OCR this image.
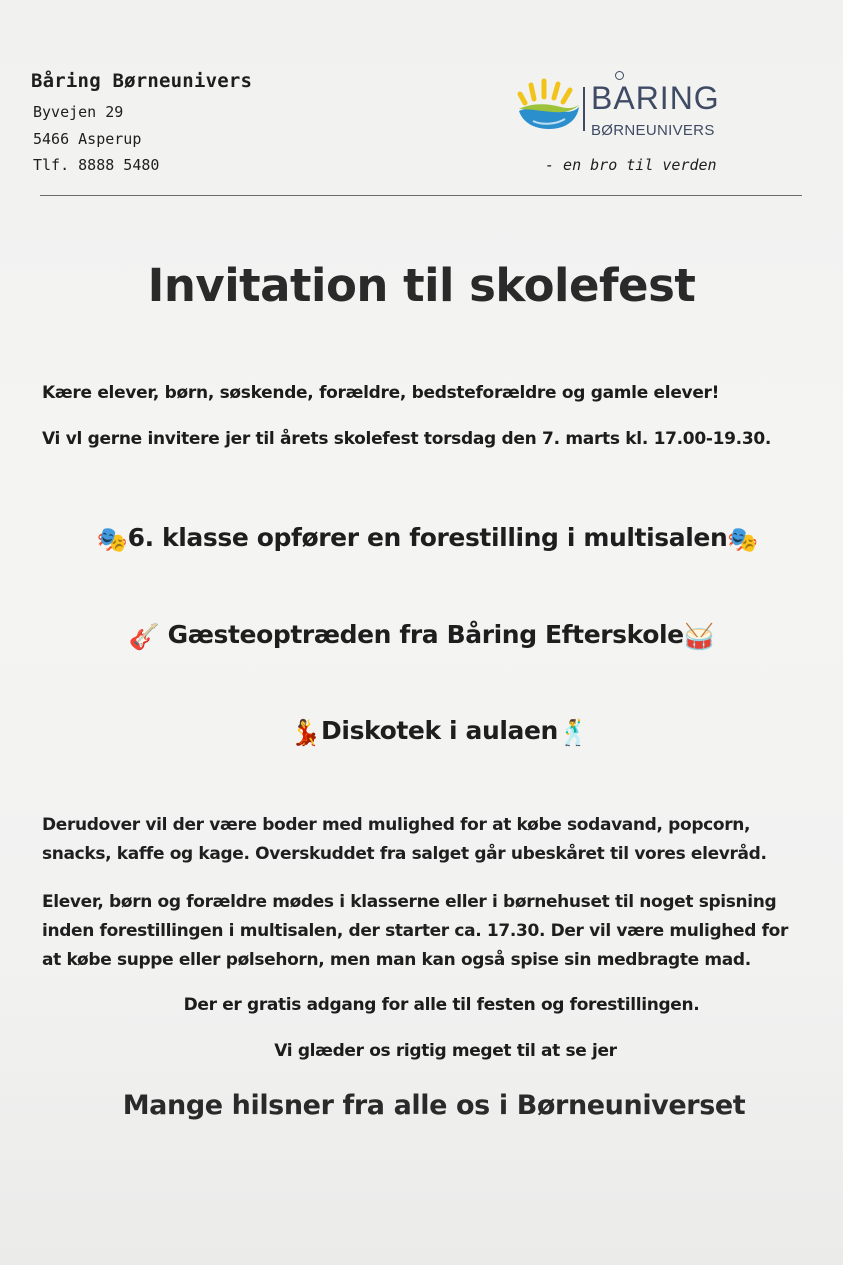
Båring Børneunivers
Byvejen 29
5466 Asperup
Tlf. 8888 5480
BARING
BØRNEUNIVERS
- en bro til verden
Invitation til skolefest
Kære elever, børn, søskende, forældre, bedsteforældre og gamle elever!
Vi vl gerne invitere jer til årets skolefest torsdag den 7. marts kl. 17.00-19.30.
🎭6. klasse opfører en forestilling i multisalen🎭
🎸 Gæsteoptræden fra Båring Efterskole🥁
💃Diskotek i aulaen🕺
Derudover vil der være boder med mulighed for at købe sodavand, popcorn,
snacks, kaffe og kage. Overskuddet fra salget går ubeskåret til vores elevråd.
Elever, børn og forældre mødes i klasserne eller i børnehuset til noget spisning
inden forestillingen i multisalen, der starter ca. 17.30. Der vil være mulighed for
at købe suppe eller pølsehorn, men man kan også spise sin medbragte mad.
Der er gratis adgang for alle til festen og forestillingen.
Vi glæder os rigtig meget til at se jer
Mange hilsner fra alle os i Børneuniverset
